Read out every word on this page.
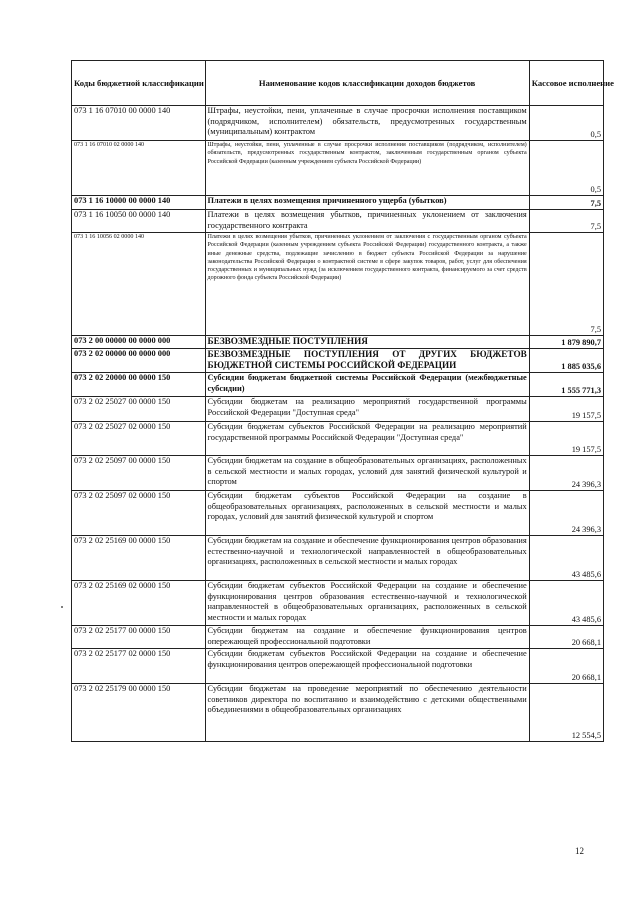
Коды бюджетной классификации	Наименование кодов классификации доходов бюджетов	Кассовое исполнение
073 1 16 07010 00 0000 140	Штрафы, неустойки, пени, уплаченные в случае просрочки исполнения поставщиком (подрядчиком, исполнителем) обязательств, предусмотренных государственным (муниципальным) контрактом	0,5
073 1 16 07010 02 0000 140	Штрафы, неустойки, пени, уплаченные в случае просрочки исполнения поставщиком (подрядчиком, исполнителем) обязательств, предусмотренных государственным контрактом, заключенным государственным органом субъекта Российской Федерации (казенным учреждением субъекта Российской Федерации)	0,5
073 1 16 10000 00 0000 140	Платежи в целях возмещения причиненного ущерба (убытков)	7,5
073 1 16 10050 00 0000 140	Платежи в целях возмещения убытков, причиненных уклонением от заключения государственного контракта	7,5
073 1 16 10056 02 0000 140	Платежи в целях возмещения убытков, причиненных уклонением от заключения с государственным органом субъекта Российской Федерации (казенным учреждением субъекта Российской Федерации) государственного контракта, а также иные денежные средства, подлежащие зачислению в бюджет субъекта Российской Федерации за нарушение законодательства Российской Федерации о контрактной системе в сфере закупок товаров, работ, услуг для обеспечения государственных и муниципальных нужд (за исключением государственного контракта, финансируемого за счет средств дорожного фонда субъекта Российской Федерации)	7,5
073 2 00 00000 00 0000 000	БЕЗВОЗМЕЗДНЫЕ ПОСТУПЛЕНИЯ	1 879 890,7
073 2 02 00000 00 0000 000	БЕЗВОЗМЕЗДНЫЕ ПОСТУПЛЕНИЯ ОТ ДРУГИХ БЮДЖЕТОВ БЮДЖЕТНОЙ СИСТЕМЫ РОССИЙСКОЙ ФЕДЕРАЦИИ	1 885 035,6
073 2 02 20000 00 0000 150	Субсидии бюджетам бюджетной системы Российской Федерации (межбюджетные субсидии)	1 555 771,3
073 2 02 25027 00 0000 150	Субсидии бюджетам на реализацию мероприятий государственной программы Российской Федерации "Доступная среда"	19 157,5
073 2 02 25027 02 0000 150	Субсидии бюджетам субъектов Российской Федерации на реализацию мероприятий государственной программы Российской Федерации "Доступная среда"	19 157,5
073 2 02 25097 00 0000 150	Субсидии бюджетам на создание в общеобразовательных организациях, расположенных в сельской местности и малых городах, условий для занятий физической культурой и спортом	24 396,3
073 2 02 25097 02 0000 150	Субсидии бюджетам субъектов Российской Федерации на создание в общеобразовательных организациях, расположенных в сельской местности и малых городах, условий для занятий физической культурой и спортом	24 396,3
073 2 02 25169 00 0000 150	Субсидии бюджетам на создание и обеспечение функционирования центров образования естественно-научной и технологической направленностей в общеобразовательных организациях, расположенных в сельской местности и малых городах	43 485,6
073 2 02 25169 02 0000 150	Субсидии бюджетам субъектов Российской Федерации на создание и обеспечение функционирования центров образования естественно-научной и технологической направленностей в общеобразовательных организациях, расположенных в сельской местности и малых городах	43 485,6
073 2 02 25177 00 0000 150	Субсидии бюджетам на создание и обеспечение функционирования центров опережающей профессиональной подготовки	20 668,1
073 2 02 25177 02 0000 150	Субсидии бюджетам субъектов Российской Федерации на создание и обеспечение функционирования центров опережающей профессиональной подготовки	20 668,1
073 2 02 25179 00 0000 150	Субсидии бюджетам на проведение мероприятий по обеспечению деятельности советников директора по воспитанию и взаимодействию с детскими общественными объединениями в общеобразовательных организациях	12 554,5
12
